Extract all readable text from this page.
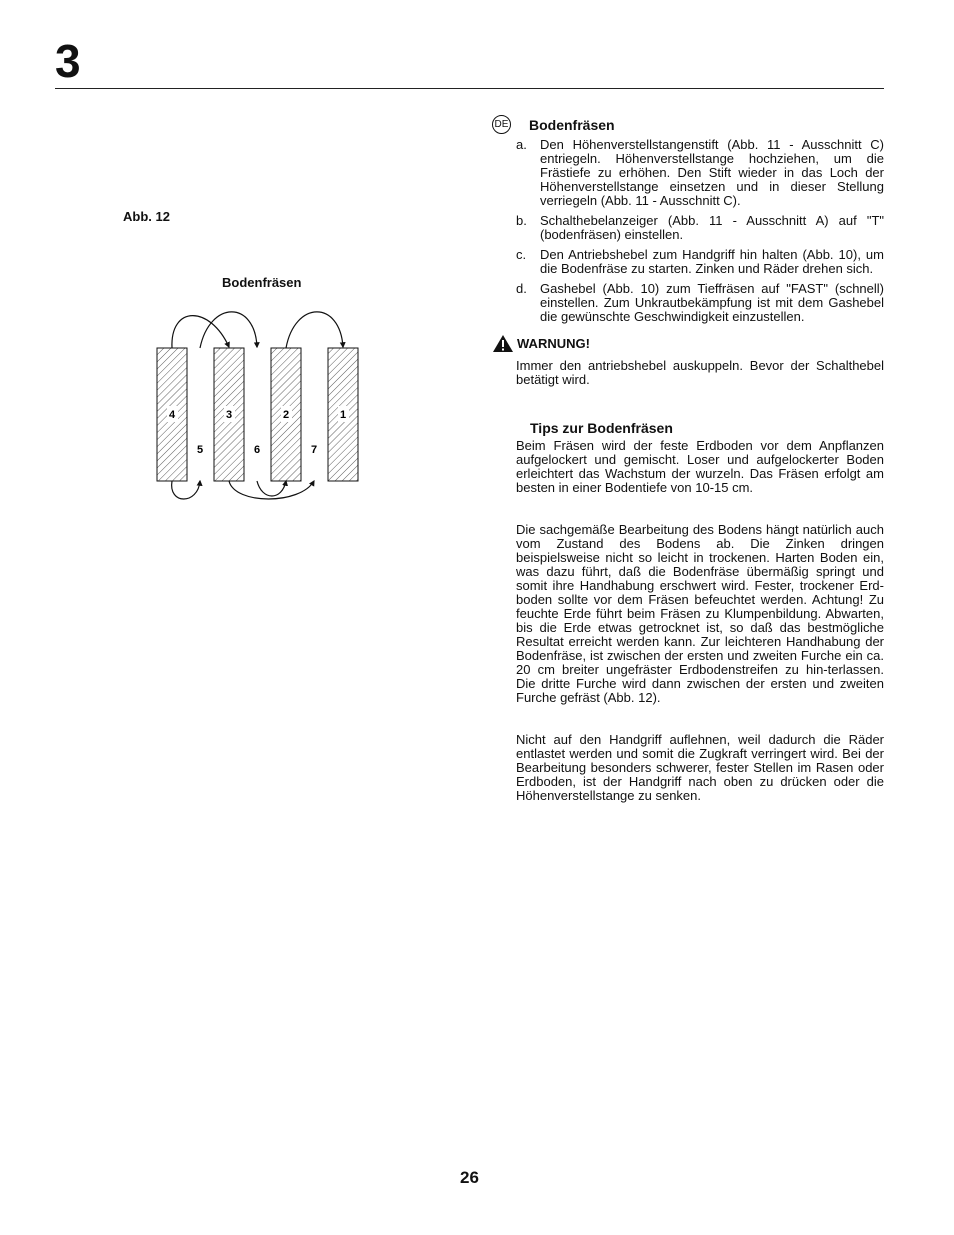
3
Abb. 12
Bodenfräsen
4	3	2	1
5	6	7
DE Bodenfräsen
a.	Den Höhenverstellstangenstift (Abb. 11 - Ausschnitt C) entriegeln. Höhenverstellstange hochziehen, um die Frästiefe zu erhöhen. Den Stift wieder in das Loch der Höhenverstellstange einsetzen und in dieser Stellung verriegeln (Abb. 11 - Ausschnitt C).
b.	Schalthebelanzeiger (Abb. 11 - Ausschnitt A) auf "T" (bodenfräsen) einstellen.
c.	Den Antriebshebel zum Handgriff hin halten (Abb. 10), um die Bodenfräse zu starten. Zinken und Räder drehen sich.
d.	Gashebel (Abb. 10) zum Tieffräsen auf "FAST" (schnell) einstellen. Zum Unkrautbekämpfung ist mit dem Gashebel die gewünschte Geschwindigkeit einzustellen.
WARNUNG!
Immer den antriebshebel auskuppeln. Bevor der Schalthebel betätigt wird.
Tips zur Bodenfräsen
Beim Fräsen wird der feste Erdboden vor dem Anpflanzen aufgelockert und gemischt. Loser und aufgelockerter Boden erleichtert das Wachstum der wurzeln. Das Fräsen erfolgt am besten in einer Bodentiefe von 10-15 cm.
Die sachgemäße Bearbeitung des Bodens hängt natürlich auch vom Zustand des Bodens ab. Die Zinken dringen beispielsweise nicht so leicht in trockenen. Harten Boden ein, was dazu führt, daß die Bodenfräse übermäßig springt und somit ihre Handhabung erschwert wird. Fester, trockener Erd-boden sollte vor dem Fräsen befeuchtet werden. Achtung! Zu feuchte Erde führt beim Fräsen zu Klumpenbildung. Abwarten, bis die Erde etwas getrocknet ist, so daß das bestmögliche Resultat erreicht werden kann. Zur leichteren Handhabung der Bodenfräse, ist zwischen der ersten und zweiten Furche ein ca. 20 cm breiter ungefräster Erdbodenstreifen zu hin-terlassen. Die dritte Furche wird dann zwischen der ersten und zweiten Furche gefräst (Abb. 12).
Nicht auf den Handgriff auflehnen, weil dadurch die Räder entlastet werden und somit die Zugkraft verringert wird. Bei der Bearbeitung besonders schwerer, fester Stellen im Rasen oder Erdboden, ist der Handgriff nach oben zu drücken oder die Höhenverstellstange zu senken.
26
